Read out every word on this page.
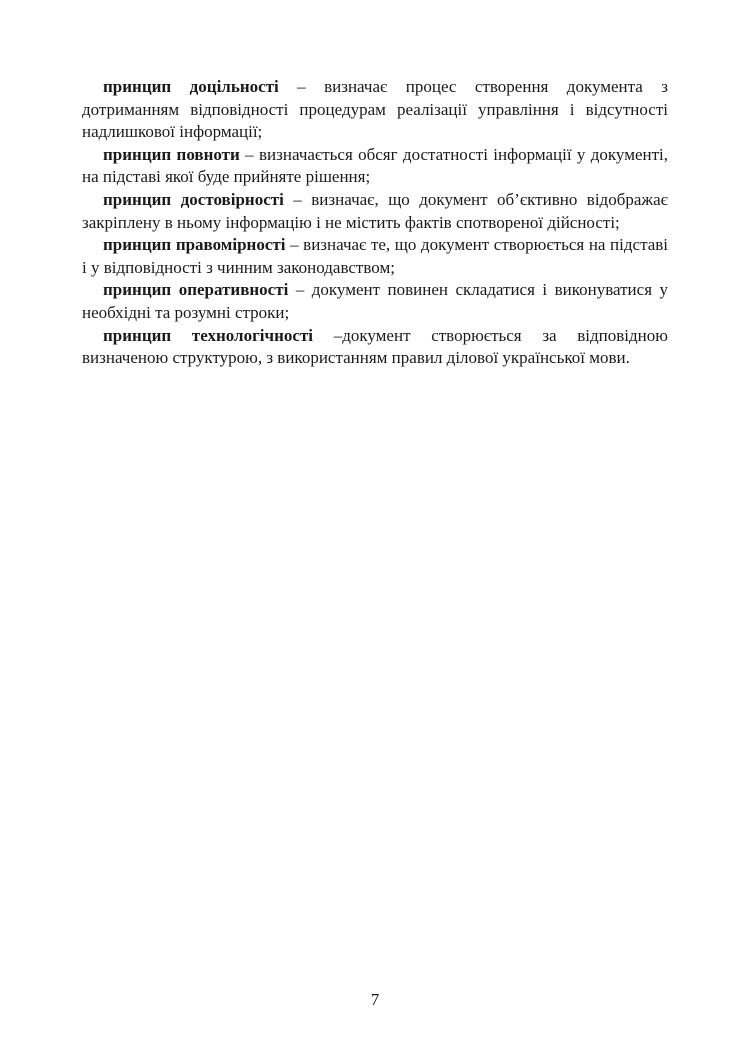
принцип доцільності – визначає процес створення документа з дотриманням відповідності процедурам реалізації управління і відсутності надлишкової інформації;

принцип повноти – визначається обсяг достатності інформації у документі, на підставі якої буде прийняте рішення;

принцип достовірності – визначає, що документ об’єктивно відображає закріплену в ньому інформацію і не містить фактів спотвореної дійсності;

принцип правомірності – визначає те, що документ створюється на підставі і у відповідності з чинним законодавством;

принцип оперативності – документ повинен складатися і виконуватися у необхідні та розумні строки;

принцип технологічності –документ створюється за відповідною визначеною структурою, з використанням правил ділової української мови.

7
